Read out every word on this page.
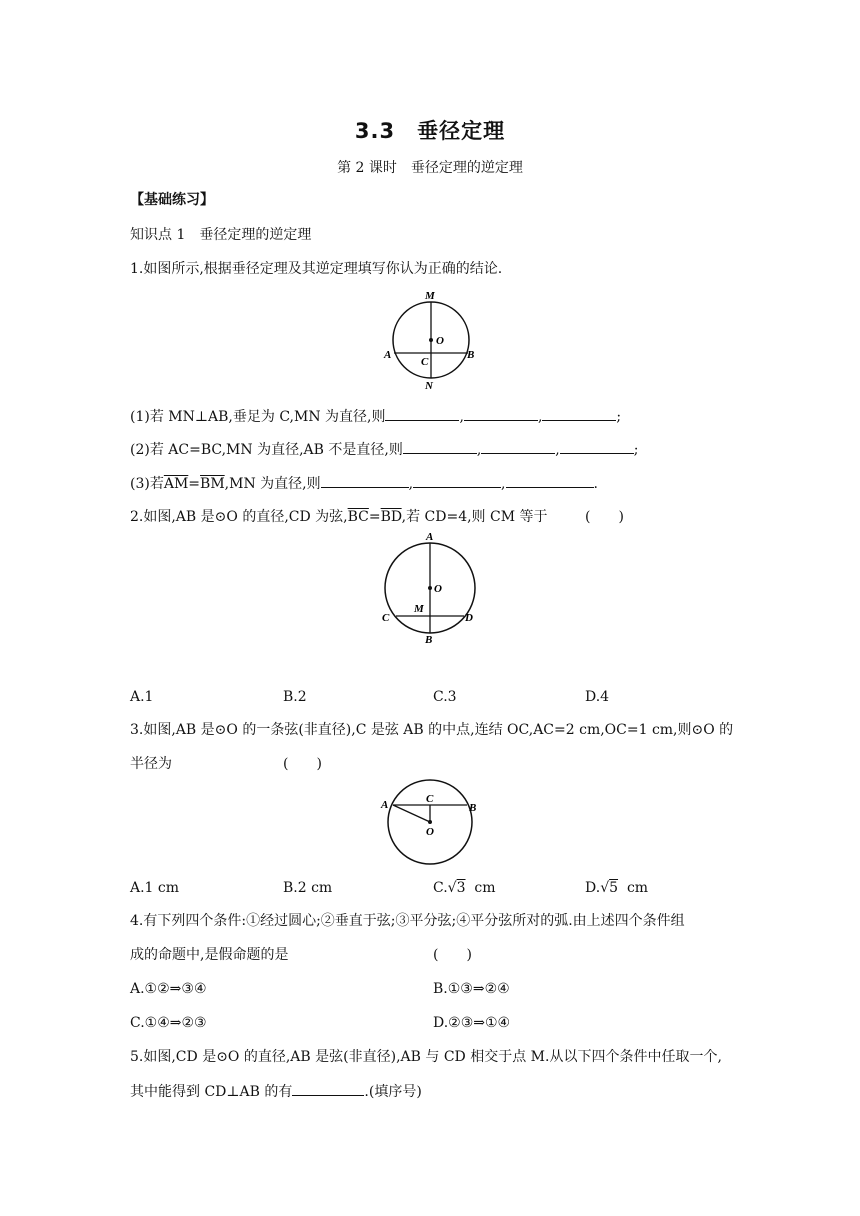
3.3　垂径定理
第 2 课时　垂径定理的逆定理
【基础练习】
知识点 1　垂径定理的逆定理
1.如图所示,根据垂径定理及其逆定理填写你认为正确的结论.
M
O
A
C
B
N
(1)若 MN⊥AB,垂足为 C,MN 为直径,则	,	,	;
(2)若 AC=BC,MN 为直径,AB 不是直径,则	,	,	;
(3)若$\overline{AM}=\overline{BM},MN$ 为直径,则	,	,	.
2.如图,AB 是⊙O 的直径,CD 为弦$,\overline{BC}=\overline{BD}$,若 CD=4,则 CM 等于	(　　)
A
O
M
C	D
B
A.1	B.2	C.3	D.4
3.如图,AB 是⊙O 的一条弦(非直径),C 是弦 AB 的中点,连结 OC,AC=2 cm,OC=1 cm,则⊙O 的
半径为	(　　)
A	C
B
O
A.1 cm	B.2 cm	C.√3 cm	D.√5 cm
4.有下列四个条件:①经过圆心;②垂直于弦;③平分弦;④平分弦所对的弧.由上述四个条件组
成的命题中,是假命题的是	(　　)
A.①②⇒③④	B.①③⇒②④
C.①④⇒②③	D.②③⇒①④
5.如图,CD 是⊙O 的直径,AB 是弦(非直径),AB 与 CD 相交于点 M.从以下四个条件中任取一个,
其中能得到 CD⊥AB 的有	.(填序号)
